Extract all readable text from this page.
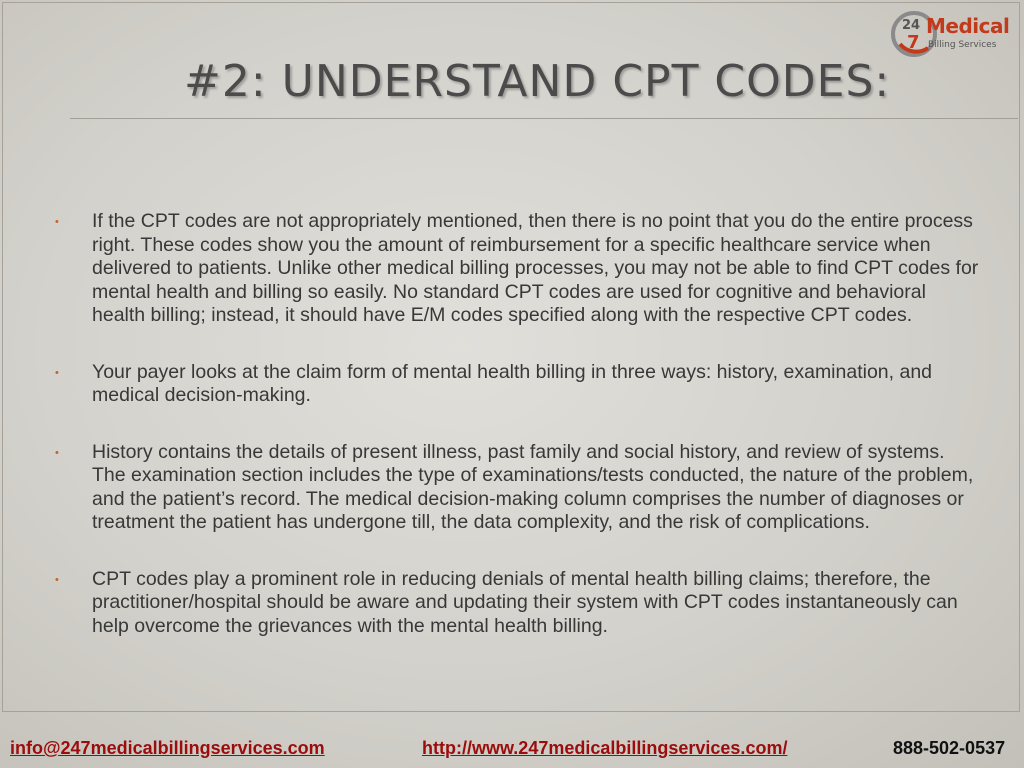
7
24 Medical
Billing Services
#2: UNDERSTAND CPT CODES:
• If the CPT codes are not appropriately mentioned, then there is no point that you do the entire process right. These codes show you the amount of reimbursement for a specific healthcare service when delivered to patients. Unlike other medical billing processes, you may not be able to find CPT codes for mental health and billing so easily. No standard CPT codes are used for cognitive and behavioral health billing; instead, it should have E/M codes specified along with the respective CPT codes.
• Your payer looks at the claim form of mental health billing in three ways: history, examination, and medical decision-making.
• History contains the details of present illness, past family and social history, and review of systems. The examination section includes the type of examinations/tests conducted, the nature of the problem, and the patient’s record. The medical decision-making column comprises the number of diagnoses or treatment the patient has undergone till, the data complexity, and the risk of complications.
• CPT codes play a prominent role in reducing denials of mental health billing claims; therefore, the practitioner/hospital should be aware and updating their system with CPT codes instantaneously can help overcome the grievances with the mental health billing.
info@247medicalbillingservices.com	http://www.247medicalbillingservices.com/	888-502-0537
